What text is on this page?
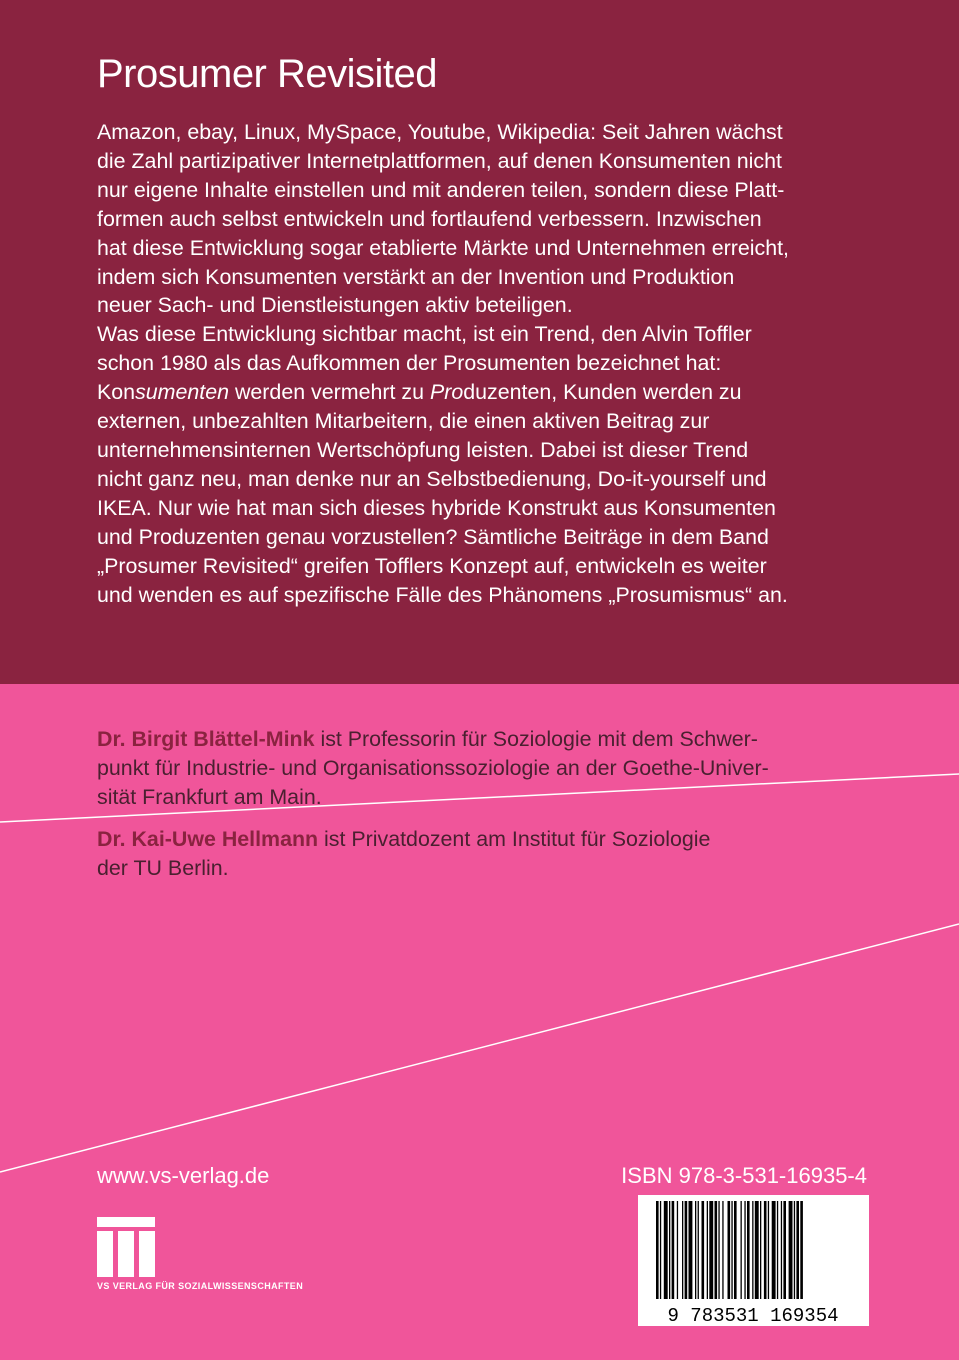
Prosumer Revisited

Amazon, ebay, Linux, MySpace, Youtube, Wikipedia: Seit Jahren wächst

die Zahl partizipativer Internetplattformen, auf denen Konsumenten nicht

nur eigene Inhalte einstellen und mit anderen teilen, sondern diese Platt-

formen auch selbst entwickeln und fortlaufend verbessern. Inzwischen

hat diese Entwicklung sogar etablierte Märkte und Unternehmen erreicht,

indem sich Konsumenten verstärkt an der Invention und Produktion

neuer Sach- und Dienstleistungen aktiv beteiligen.

Was diese Entwicklung sichtbar macht, ist ein Trend, den Alvin Toffler

schon 1980 als das Aufkommen der Prosumenten bezeichnet hat:

Konsumenten werden vermehrt zu Produzenten, Kunden werden zu

externen, unbezahlten Mitarbeitern, die einen aktiven Beitrag zur

unternehmensinternen Wertschöpfung leisten. Dabei ist dieser Trend

nicht ganz neu, man denke nur an Selbstbedienung, Do-it-yourself und

IKEA. Nur wie hat man sich dieses hybride Konstrukt aus Konsumenten

und Produzenten genau vorzustellen? Sämtliche Beiträge in dem Band

„Prosumer Revisited“ greifen Tofflers Konzept auf, entwickeln es weiter

und wenden es auf spezifische Fälle des Phänomens „Prosumismus“ an.

Dr. Birgit Blättel-Mink ist Professorin für Soziologie mit dem Schwer-

punkt für Industrie- und Organisationssoziologie an der Goethe-Univer-

sität Frankfurt am Main.

Dr. Kai-Uwe Hellmann ist Privatdozent am Institut für Soziologie

der TU Berlin.

www.vs-verlag.de	ISBN 978-3-531-16935-4
9 783531 169354
VS VERLAG FÜR SOZIALWISSENSCHAFTEN
